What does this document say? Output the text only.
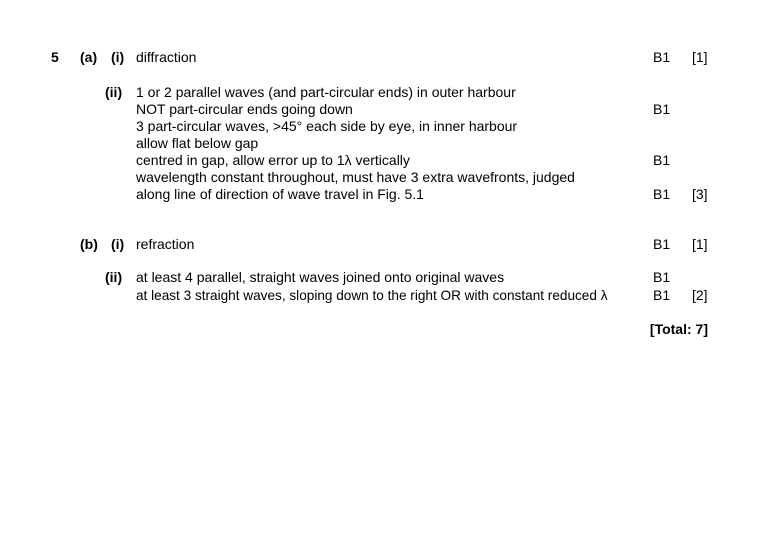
5 (a) (i) diffraction	B1 [1]
(ii) 1 or 2 parallel waves (and part-circular ends) in outer harbour
NOT part-circular ends going down	B1
3 part-circular waves, >45° each side by eye, in inner harbour
allow flat below gap
centred in gap, allow error up to 1λ vertically	B1
wavelength constant throughout, must have 3 extra wavefronts, judged
along line of direction of wave travel in Fig. 5.1	B1 [3]
(b) (i) refraction	B1 [1]
(ii) at least 4 parallel, straight waves joined onto original waves	B1
at least 3 straight waves, sloping down to the right OR with constant reduced λ	B1 [2]
[Total: 7]
